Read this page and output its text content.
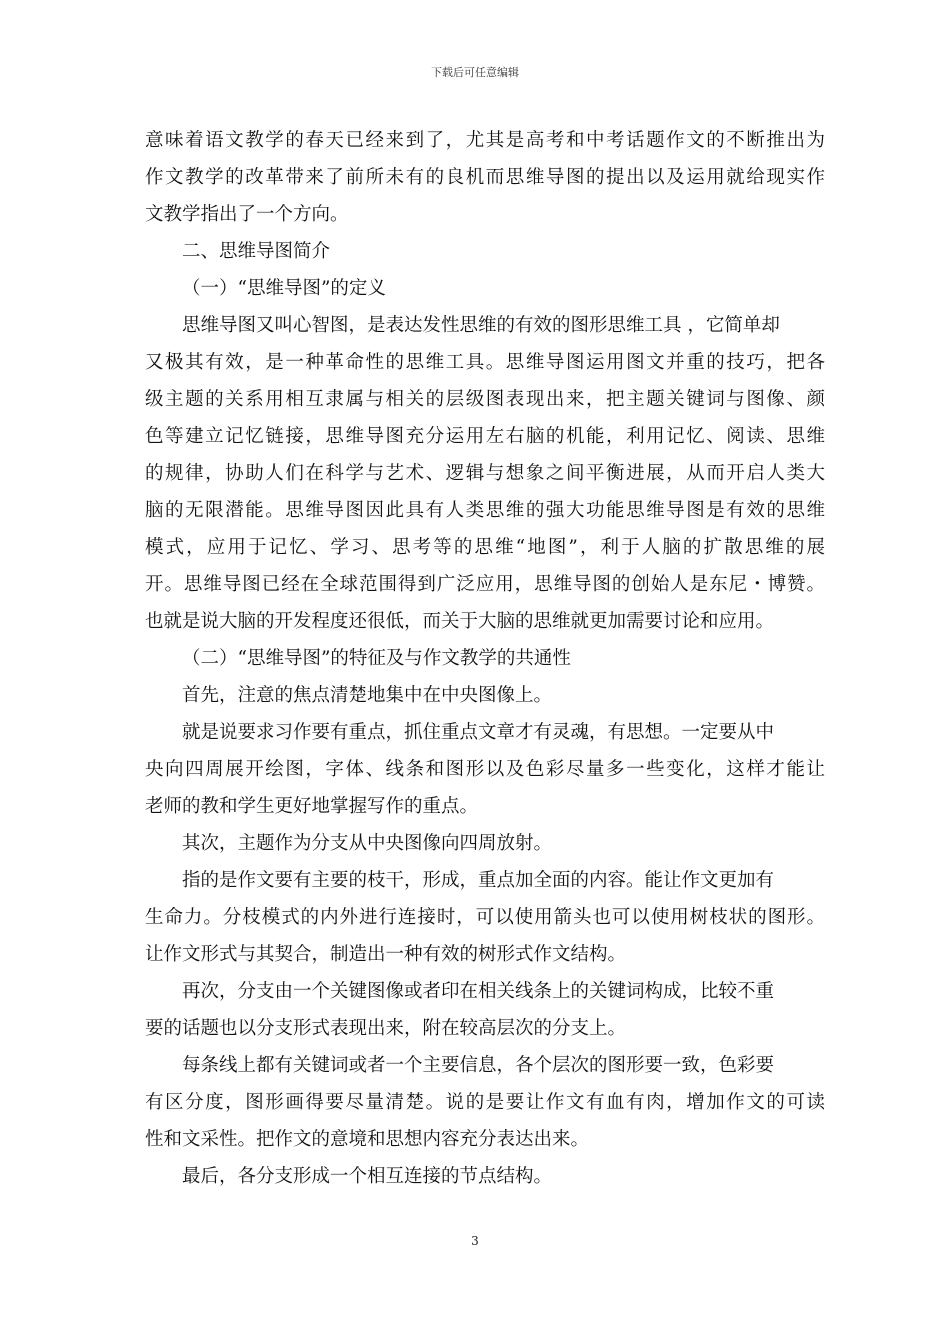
下载后可任意编辑
意味着语文教学的春天已经来到了，尤其是高考和中考话题作文的不断推出为
作文教学的改革带来了前所未有的良机而思维导图的提出以及运用就给现实作
文教学指出了一个方向。
二、思维导图简介
（一）“思维导图”的定义
思维导图又叫心智图，是表达发性思维的有效的图形思维工具 ，它简单却
又极其有效，是一种革命性的思维工具。思维导图运用图文并重的技巧，把各
级主题的关系用相互隶属与相关的层级图表现出来，把主题关键词与图像、颜
色等建立记忆链接，思维导图充分运用左右脑的机能，利用记忆、阅读、思维
的规律，协助人们在科学与艺术、逻辑与想象之间平衡进展，从而开启人类大
脑的无限潜能。思维导图因此具有人类思维的强大功能思维导图是有效的思维
模式，应用于记忆、学习、思考等的思维“地图”，利于人脑的扩散思维的展
开。思维导图已经在全球范围得到广泛应用，思维导图的创始人是东尼・博赞。
也就是说大脑的开发程度还很低，而关于大脑的思维就更加需要讨论和应用。
（二）“思维导图”的特征及与作文教学的共通性
首先，注意的焦点清楚地集中在中央图像上。
就是说要求习作要有重点，抓住重点文章才有灵魂，有思想。一定要从中
央向四周展开绘图，字体、线条和图形以及色彩尽量多一些变化，这样才能让
老师的教和学生更好地掌握写作的重点。
其次，主题作为分支从中央图像向四周放射。
指的是作文要有主要的枝干，形成，重点加全面的内容。能让作文更加有
生命力。分枝模式的内外进行连接时，可以使用箭头也可以使用树枝状的图形。
让作文形式与其契合，制造出一种有效的树形式作文结构。
再次，分支由一个关键图像或者印在相关线条上的关键词构成，比较不重
要的话题也以分支形式表现出来，附在较高层次的分支上。
每条线上都有关键词或者一个主要信息，各个层次的图形要一致，色彩要
有区分度，图形画得要尽量清楚。说的是要让作文有血有肉，增加作文的可读
性和文采性。把作文的意境和思想内容充分表达出来。
最后，各分支形成一个相互连接的节点结构。
3
